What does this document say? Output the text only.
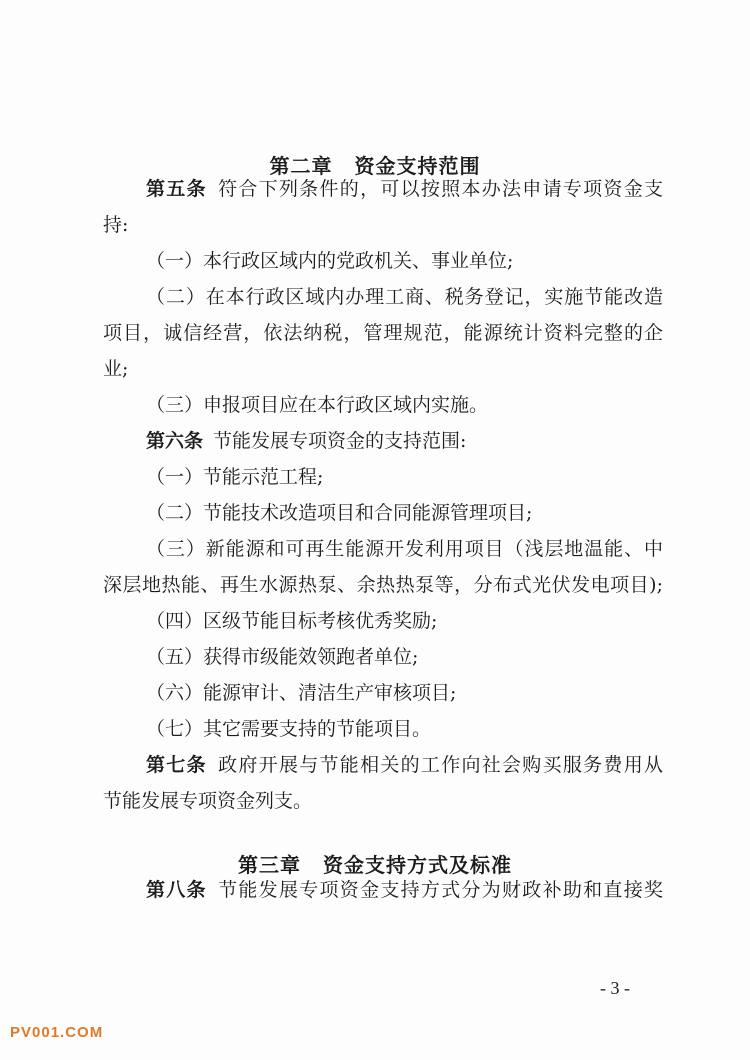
第二章 资金支持范围
第五条 符合下列条件的，可以按照本办法申请专项资金支
持:
（一）本行政区域内的党政机关、事业单位;
（二）在本行政区域内办理工商、税务登记，实施节能改造
项目，诚信经营，依法纳税，管理规范，能源统计资料完整的企
业;
（三）申报项目应在本行政区域内实施。
第六条 节能发展专项资金的支持范围:
（一）节能示范工程;
（二）节能技术改造项目和合同能源管理项目;
（三）新能源和可再生能源开发利用项目（浅层地温能、中
深层地热能、再生水源热泵、余热热泵等，分布式光伏发电项目);
（四）区级节能目标考核优秀奖励;
（五）获得市级能效领跑者单位;
（六）能源审计、清洁生产审核项目;
（七）其它需要支持的节能项目。
第七条 政府开展与节能相关的工作向社会购买服务费用从
节能发展专项资金列支。
第三章 资金支持方式及标准
第八条 节能发展专项资金支持方式分为财政补助和直接奖
- 3 -
PV001.COM
